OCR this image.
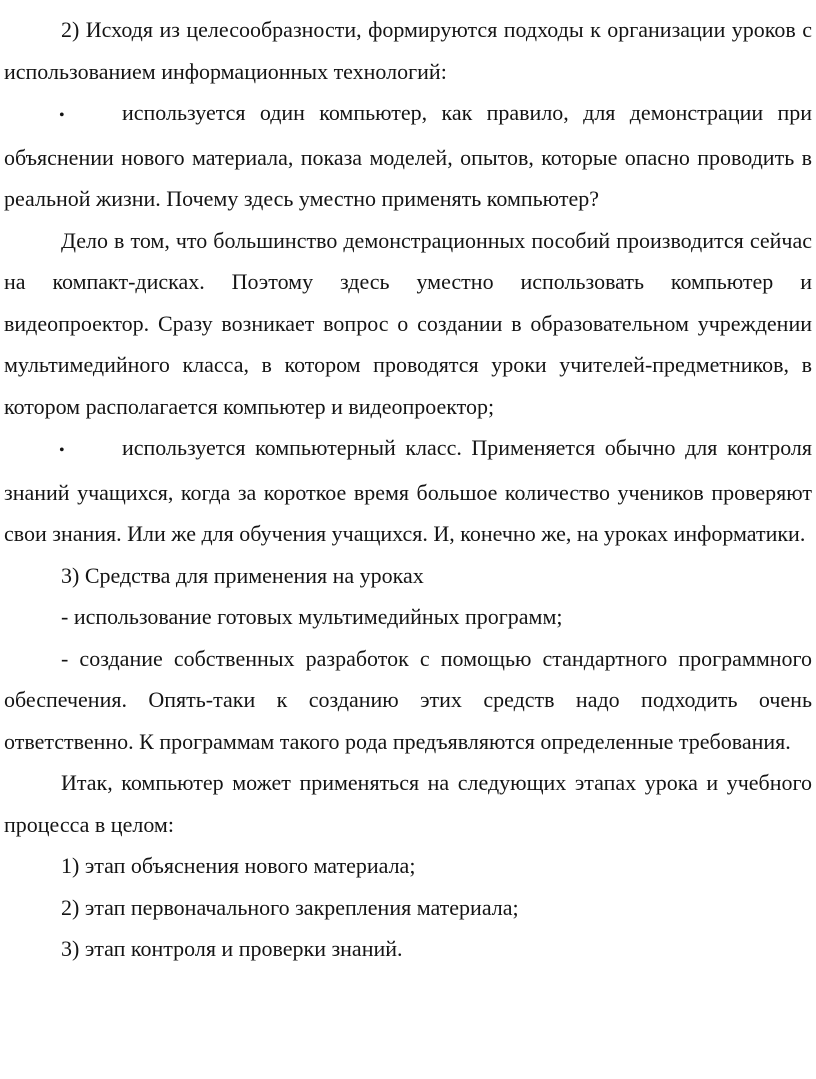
2) Исходя из целесообразности, формируются подходы к организации уроков с использованием информационных технологий:

•	используется один компьютер, как правило, для демонстрации при объяснении нового материала, показа моделей, опытов, которые опасно проводить в реальной жизни. Почему здесь уместно применять компьютер?

Дело в том, что большинство демонстрационных пособий производится сейчас на компакт-дисках. Поэтому здесь уместно использовать компьютер и видеопроектор. Сразу возникает вопрос о создании в образовательном учреждении мультимедийного класса, в котором проводятся уроки учителей-предметников, в котором располагается компьютер и видеопроектор;

•	используется компьютерный класс. Применяется обычно для контроля знаний учащихся, когда за короткое время большое количество учеников проверяют свои знания. Или же для обучения учащихся. И, конечно же, на уроках информатики.

3) Средства для применения на уроках

- использование готовых мультимедийных программ;

- создание собственных разработок с помощью стандартного программного обеспечения. Опять-таки к созданию этих средств надо подходить очень ответственно. К программам такого рода предъявляются определенные требования.

Итак, компьютер может применяться на следующих этапах урока и учебного процесса в целом:

1) этап объяснения нового материала;

2) этап первоначального закрепления материала;

3) этап контроля и проверки знаний.
